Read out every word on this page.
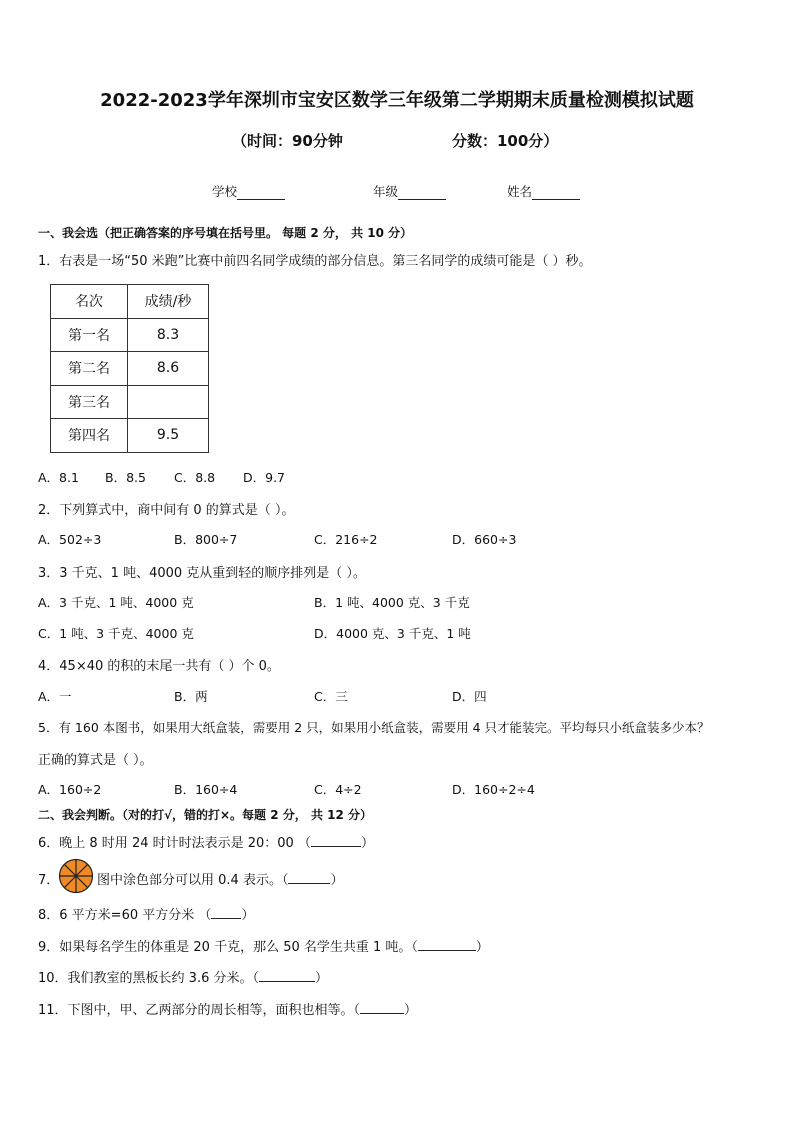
2022-2023学年深圳市宝安区数学三年级第二学期期末质量检测模拟试题
（时间：90分钟	分数：100分）
学校	年级	姓名
一、我会选（把正确答案的序号填在括号里。 每题 2 分， 共 10 分）
1．右表是一场“50 米跑”比赛中前四名同学成绩的部分信息。第三名同学的成绩可能是（ ）秒。
名次	成绩/秒
第一名	8.3
第二名	8.6
第三名	
第四名	9.5
A．8.1 B．8.5 C．8.8 D．9.7
2．下列算式中，商中间有 0 的算式是（ ）。
A．502÷3	B．800÷7	C．216÷2	D．660÷3
3．3 千克、1 吨、4000 克从重到轻的顺序排列是（ ）。
A．3 千克、1 吨、4000 克	B．1 吨、4000 克、3 千克
C．1 吨、3 千克、4000 克	D．4000 克、3 千克、1 吨
4．45×40 的积的末尾一共有（ ）个 0。
A．一	B．两	C．三	D．四
5．有 160 本图书，如果用大纸盒装，需要用 2 只，如果用小纸盒装，需要用 4 只才能装完。平均每只小纸盒装多少本？
正确的算式是（ ）。
A．160÷2	B．160÷4	C．4÷2	D．160÷2÷4
二、我会判断。（对的打√，错的打×。每题 2 分， 共 12 分）
6．晚上 8 时用 24 时计时法表示是 20：00 （	）
7．	图中涂色部分可以用 0.4 表示。（	）
8．6 平方米=60 平方分米 （ ）
9．如果每名学生的体重是 20 千克，那么 50 名学生共重 1 吨。（	）
10．我们教室的黑板长约 3.6 分米。（	）
11．下图中，甲、乙两部分的周长相等，面积也相等。（	）
